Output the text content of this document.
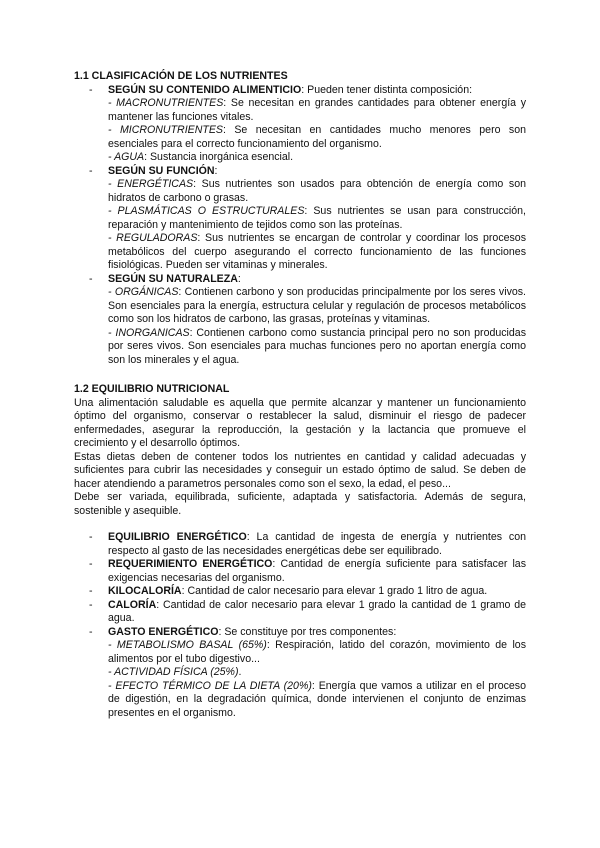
1.1 CLASIFICACIÓN DE LOS NUTRIENTES

-	SEGÚN SU CONTENIDO ALIMENTICIO: Pueden tener distinta composición:
- MACRONUTRIENTES: Se necesitan en grandes cantidades para obtener energía y mantener las funciones vitales.
- MICRONUTRIENTES: Se necesitan en cantidades mucho menores pero son esenciales para el correcto funcionamiento del organismo.
- AGUA: Sustancia inorgánica esencial.
-	SEGÚN SU FUNCIÓN:
- ENERGÉTICAS: Sus nutrientes son usados para obtención de energía como son hidratos de carbono o grasas.
- PLASMÁTICAS O ESTRUCTURALES: Sus nutrientes se usan para construcción, reparación y mantenimiento de tejidos como son las proteínas.
- REGULADORAS: Sus nutrientes se encargan de controlar y coordinar los procesos metabólicos del cuerpo asegurando el correcto funcionamiento de las funciones fisiológicas. Pueden ser vitaminas y minerales.
-	SEGÚN SU NATURALEZA:
- ORGÁNICAS: Contienen carbono y son producidas principalmente por los seres vivos. Son esenciales para la energía, estructura celular y regulación de procesos metabólicos como son los hidratos de carbono, las grasas, proteínas y vitaminas.
- INORGANICAS: Contienen carbono como sustancia principal pero no son producidas por seres vivos. Son esenciales para muchas funciones pero no aportan energía como son los minerales y el agua.

1.2 EQUILIBRIO NUTRICIONAL

Una alimentación saludable es aquella que permite alcanzar y mantener un funcionamiento óptimo del organismo, conservar o restablecer la salud, disminuir el riesgo de padecer enfermedades, asegurar la reproducción, la gestación y la lactancia que promueve el crecimiento y el desarrollo óptimos.

Estas dietas deben de contener todos los nutrientes en cantidad y calidad adecuadas y suficientes para cubrir las necesidades y conseguir un estado óptimo de salud. Se deben de hacer atendiendo a parametros personales como son el sexo, la edad, el peso...

Debe ser variada, equilibrada, suficiente, adaptada y satisfactoria. Además de segura, sostenible y asequible.

-	EQUILIBRIO ENERGÉTICO: La cantidad de ingesta de energía y nutrientes con respecto al gasto de las necesidades energéticas debe ser equilibrado.
-	REQUERIMIENTO ENERGÉTICO: Cantidad de energía suficiente para satisfacer las exigencias necesarias del organismo.
-	KILOCALORÍA: Cantidad de calor necesario para elevar 1 grado 1 litro de agua.
-	CALORÍA: Cantidad de calor necesario para elevar 1 grado la cantidad de 1 gramo de agua.
-	GASTO ENERGÉTICO: Se constituye por tres componentes:
- METABOLISMO BASAL (65%): Respiración, latido del corazón, movimiento de los alimentos por el tubo digestivo...
- ACTIVIDAD FÍSICA (25%).
- EFECTO TÉRMICO DE LA DIETA (20%): Energía que vamos a utilizar en el proceso de digestión, en la degradación química, donde intervienen el conjunto de enzimas presentes en el organismo.
